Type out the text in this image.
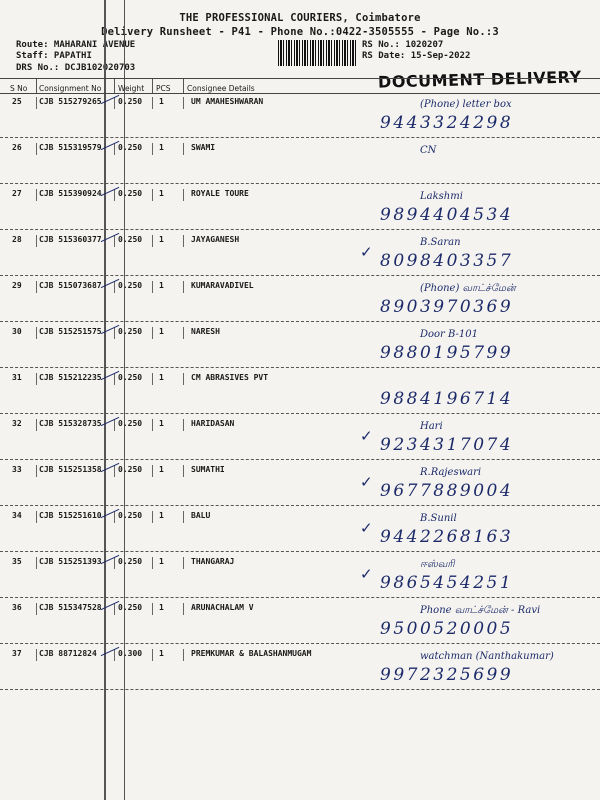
THE PROFESSIONAL COURIERS, Coimbatore
Delivery Runsheet - P41 - Phone No.:0422-3505555 - Page No.:3
Route: MAHARANI AVENUE
Staff: PAPATHI
DRS No.: DCJB102020703
RS No.: 1020207
RS Date: 15-Sep-2022
DOCUMENT DELIVERY
S No Consignment No Weight PCS Consignee Details
25 CJB 515279265 0.250 1	UM AMAHESHWARAN	(Phone) letter box
9443324298
26 CJB 515319579 0.250 1	SWAMI	CN
27 CJB 515390924 0.250 1	ROYALE TOURE	Lakshmi
9894404534
28 CJB 515360377 0.250 1	JAYAGANESH	B.Saran
8098403357
✓
29 CJB 515073687 0.250 1	KUMARAVADIVEL	(Phone) வாட்ச்மேன்
8903970369
30 CJB 515251575 0.250 1	NARESH	Door B-101
9880195799
31 CJB 515212235 0.250 1	CM ABRASIVES PVT
9884196714
32 CJB 515328735 0.250 1	HARIDASAN	Hari
9234317074
✓
33 CJB 515251358 0.250 1	SUMATHI	R.Rajeswari
9677889004
✓
34 CJB 515251610 0.250 1	BALU	B.Sunil
9442268163
✓
35 CJB 515251393 0.250 1	THANGARAJ	ஈஸ்வரி
9865454251
✓
36 CJB 515347528 0.250 1	ARUNACHALAM V	Phone வாட்ச்மேன் - Ravi
9500520005
37 CJB 88712824	0.300 1	PREMKUMAR & BALASHANMUGAM	watchman (Nanthakumar)
9972325699
